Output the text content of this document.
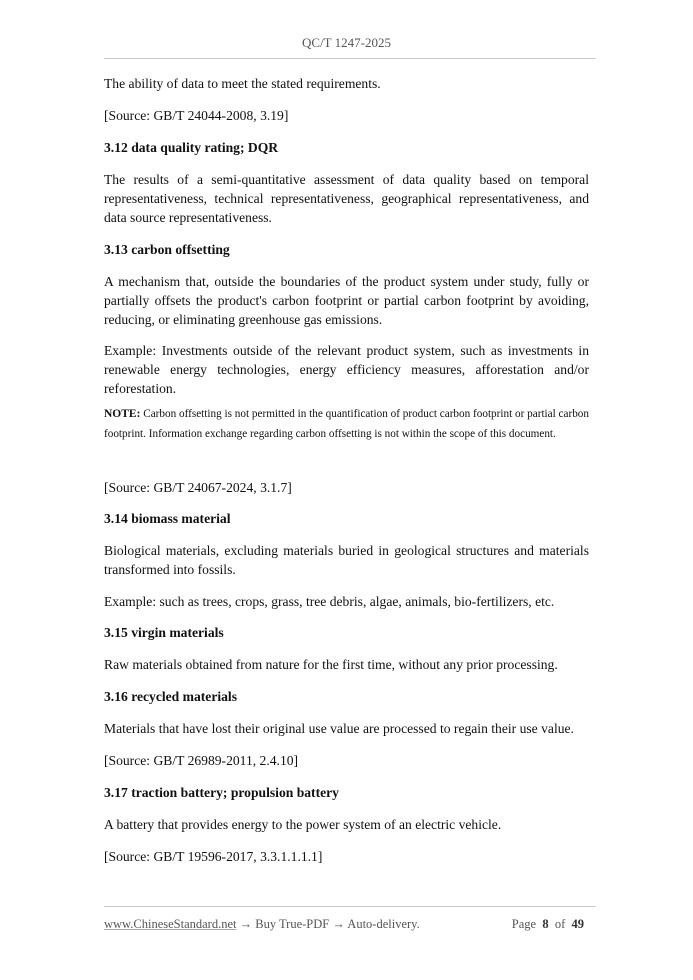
QC/T 1247-2025
The ability of data to meet the stated requirements.
[Source: GB/T 24044-2008, 3.19]
3.12 data quality rating; DQR
The results of a semi-quantitative assessment of data quality based on temporal representativeness, technical representativeness, geographical representativeness, and data source representativeness.
3.13 carbon offsetting
A mechanism that, outside the boundaries of the product system under study, fully or partially offsets the product's carbon footprint or partial carbon footprint by avoiding, reducing, or eliminating greenhouse gas emissions.
Example: Investments outside of the relevant product system, such as investments in renewable energy technologies, energy efficiency measures, afforestation and/or reforestation.
NOTE: Carbon offsetting is not permitted in the quantification of product carbon footprint or partial carbon footprint. Information exchange regarding carbon offsetting is not within the scope of this document.
[Source: GB/T 24067-2024, 3.1.7]
3.14 biomass material
Biological materials, excluding materials buried in geological structures and materials transformed into fossils.
Example: such as trees, crops, grass, tree debris, algae, animals, bio-fertilizers, etc.
3.15 virgin materials
Raw materials obtained from nature for the first time, without any prior processing.
3.16 recycled materials
Materials that have lost their original use value are processed to regain their use value.
[Source: GB/T 26989-2011, 2.4.10]
3.17 traction battery; propulsion battery
A battery that provides energy to the power system of an electric vehicle.
[Source: GB/T 19596-2017, 3.3.1.1.1.1]
www.ChineseStandard.net → Buy True-PDF → Auto-delivery.	Page 8 of 49
